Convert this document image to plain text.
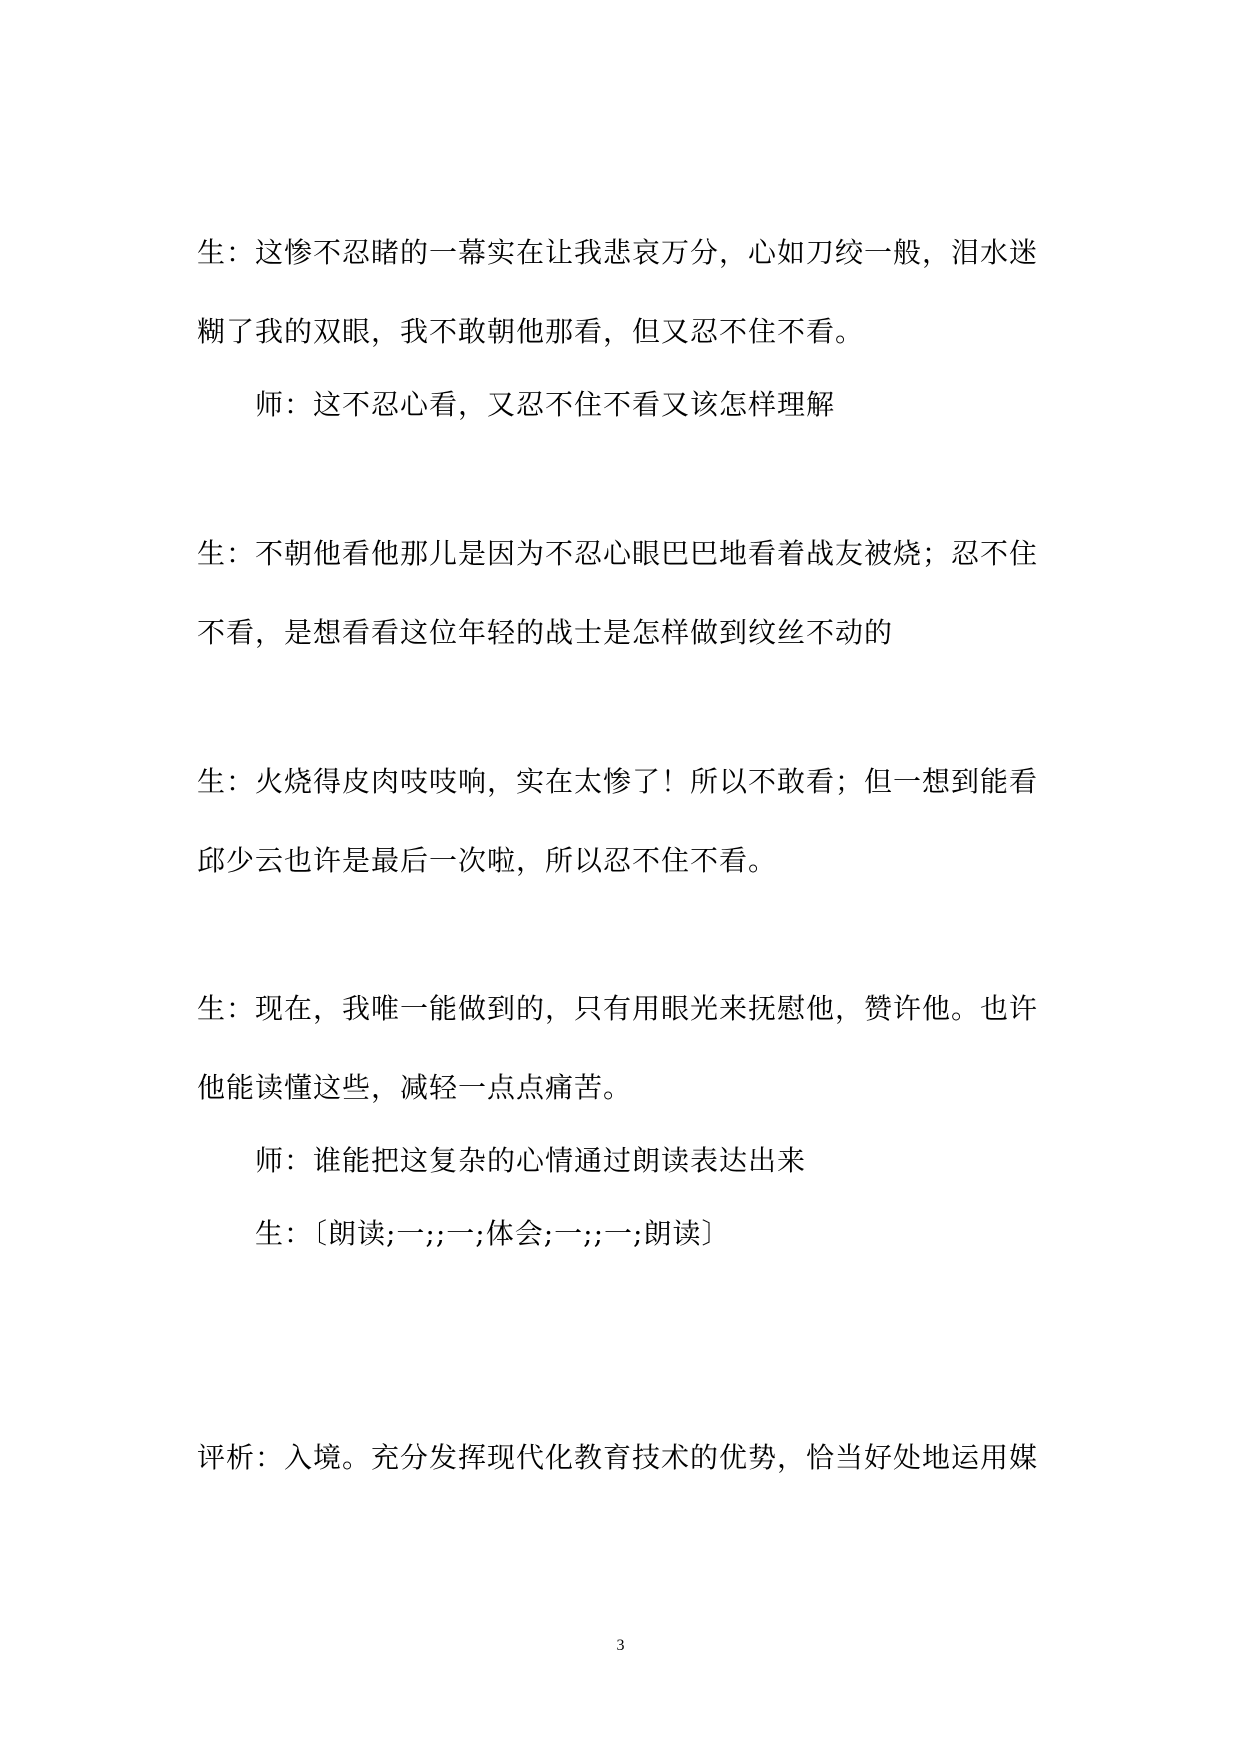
生：这惨不忍睹的一幕实在让我悲哀万分，心如刀绞一般，泪水迷
糊了我的双眼，我不敢朝他那看，但又忍不住不看。
师：这不忍心看，又忍不住不看又该怎样理解
生：不朝他看他那儿是因为不忍心眼巴巴地看着战友被烧；忍不住
不看，是想看看这位年轻的战士是怎样做到纹丝不动的
生：火烧得皮肉吱吱响，实在太惨了！所以不敢看；但一想到能看
邱少云也许是最后一次啦，所以忍不住不看。
生：现在，我唯一能做到的，只有用眼光来抚慰他，赞许他。也许
他能读懂这些，减轻一点点痛苦。
师：谁能把这复杂的心情通过朗读表达出来
生：〔朗读;一;;一;体会;一;;一;朗读〕
评析：入境。充分发挥现代化教育技术的优势，恰当好处地运用媒
3
